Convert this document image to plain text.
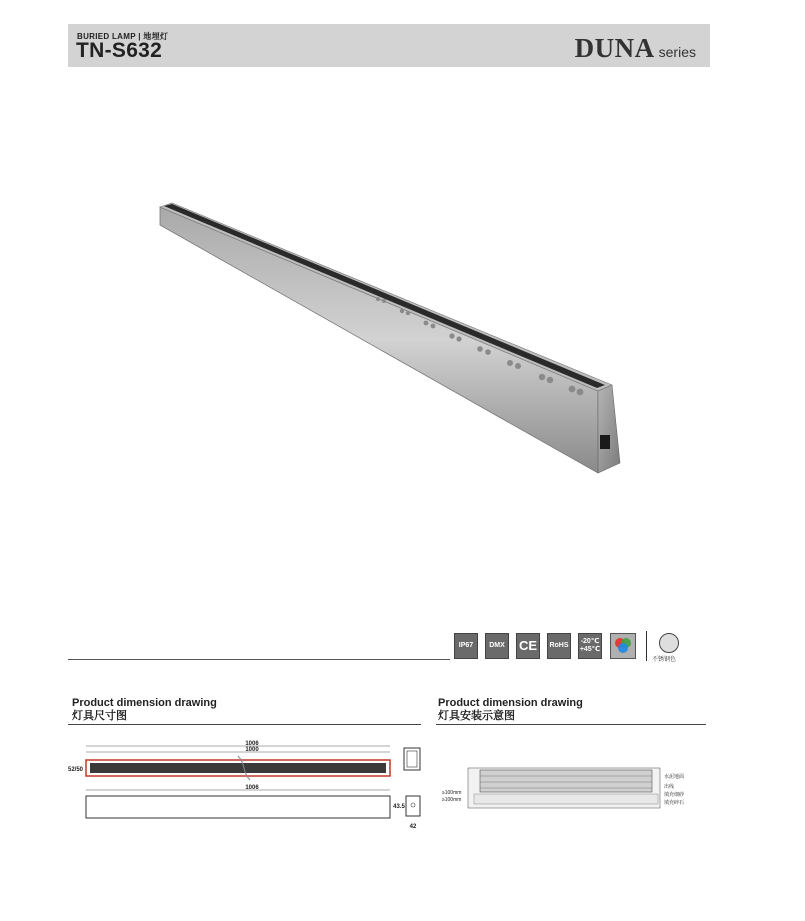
BURIED LAMP | 地埋灯
TN-S632	DUNA series
IP67 DMX CE RoHS
-20℃
+45℃
不锈钢色
Product dimension drawing
灯具尺寸图
Product dimension drawing
灯具安装示意图
1006
1000
52/50
1006
43.5
42
≥100mm
≥100mm
水泥地面
出线
填充细砂
填充碎石
